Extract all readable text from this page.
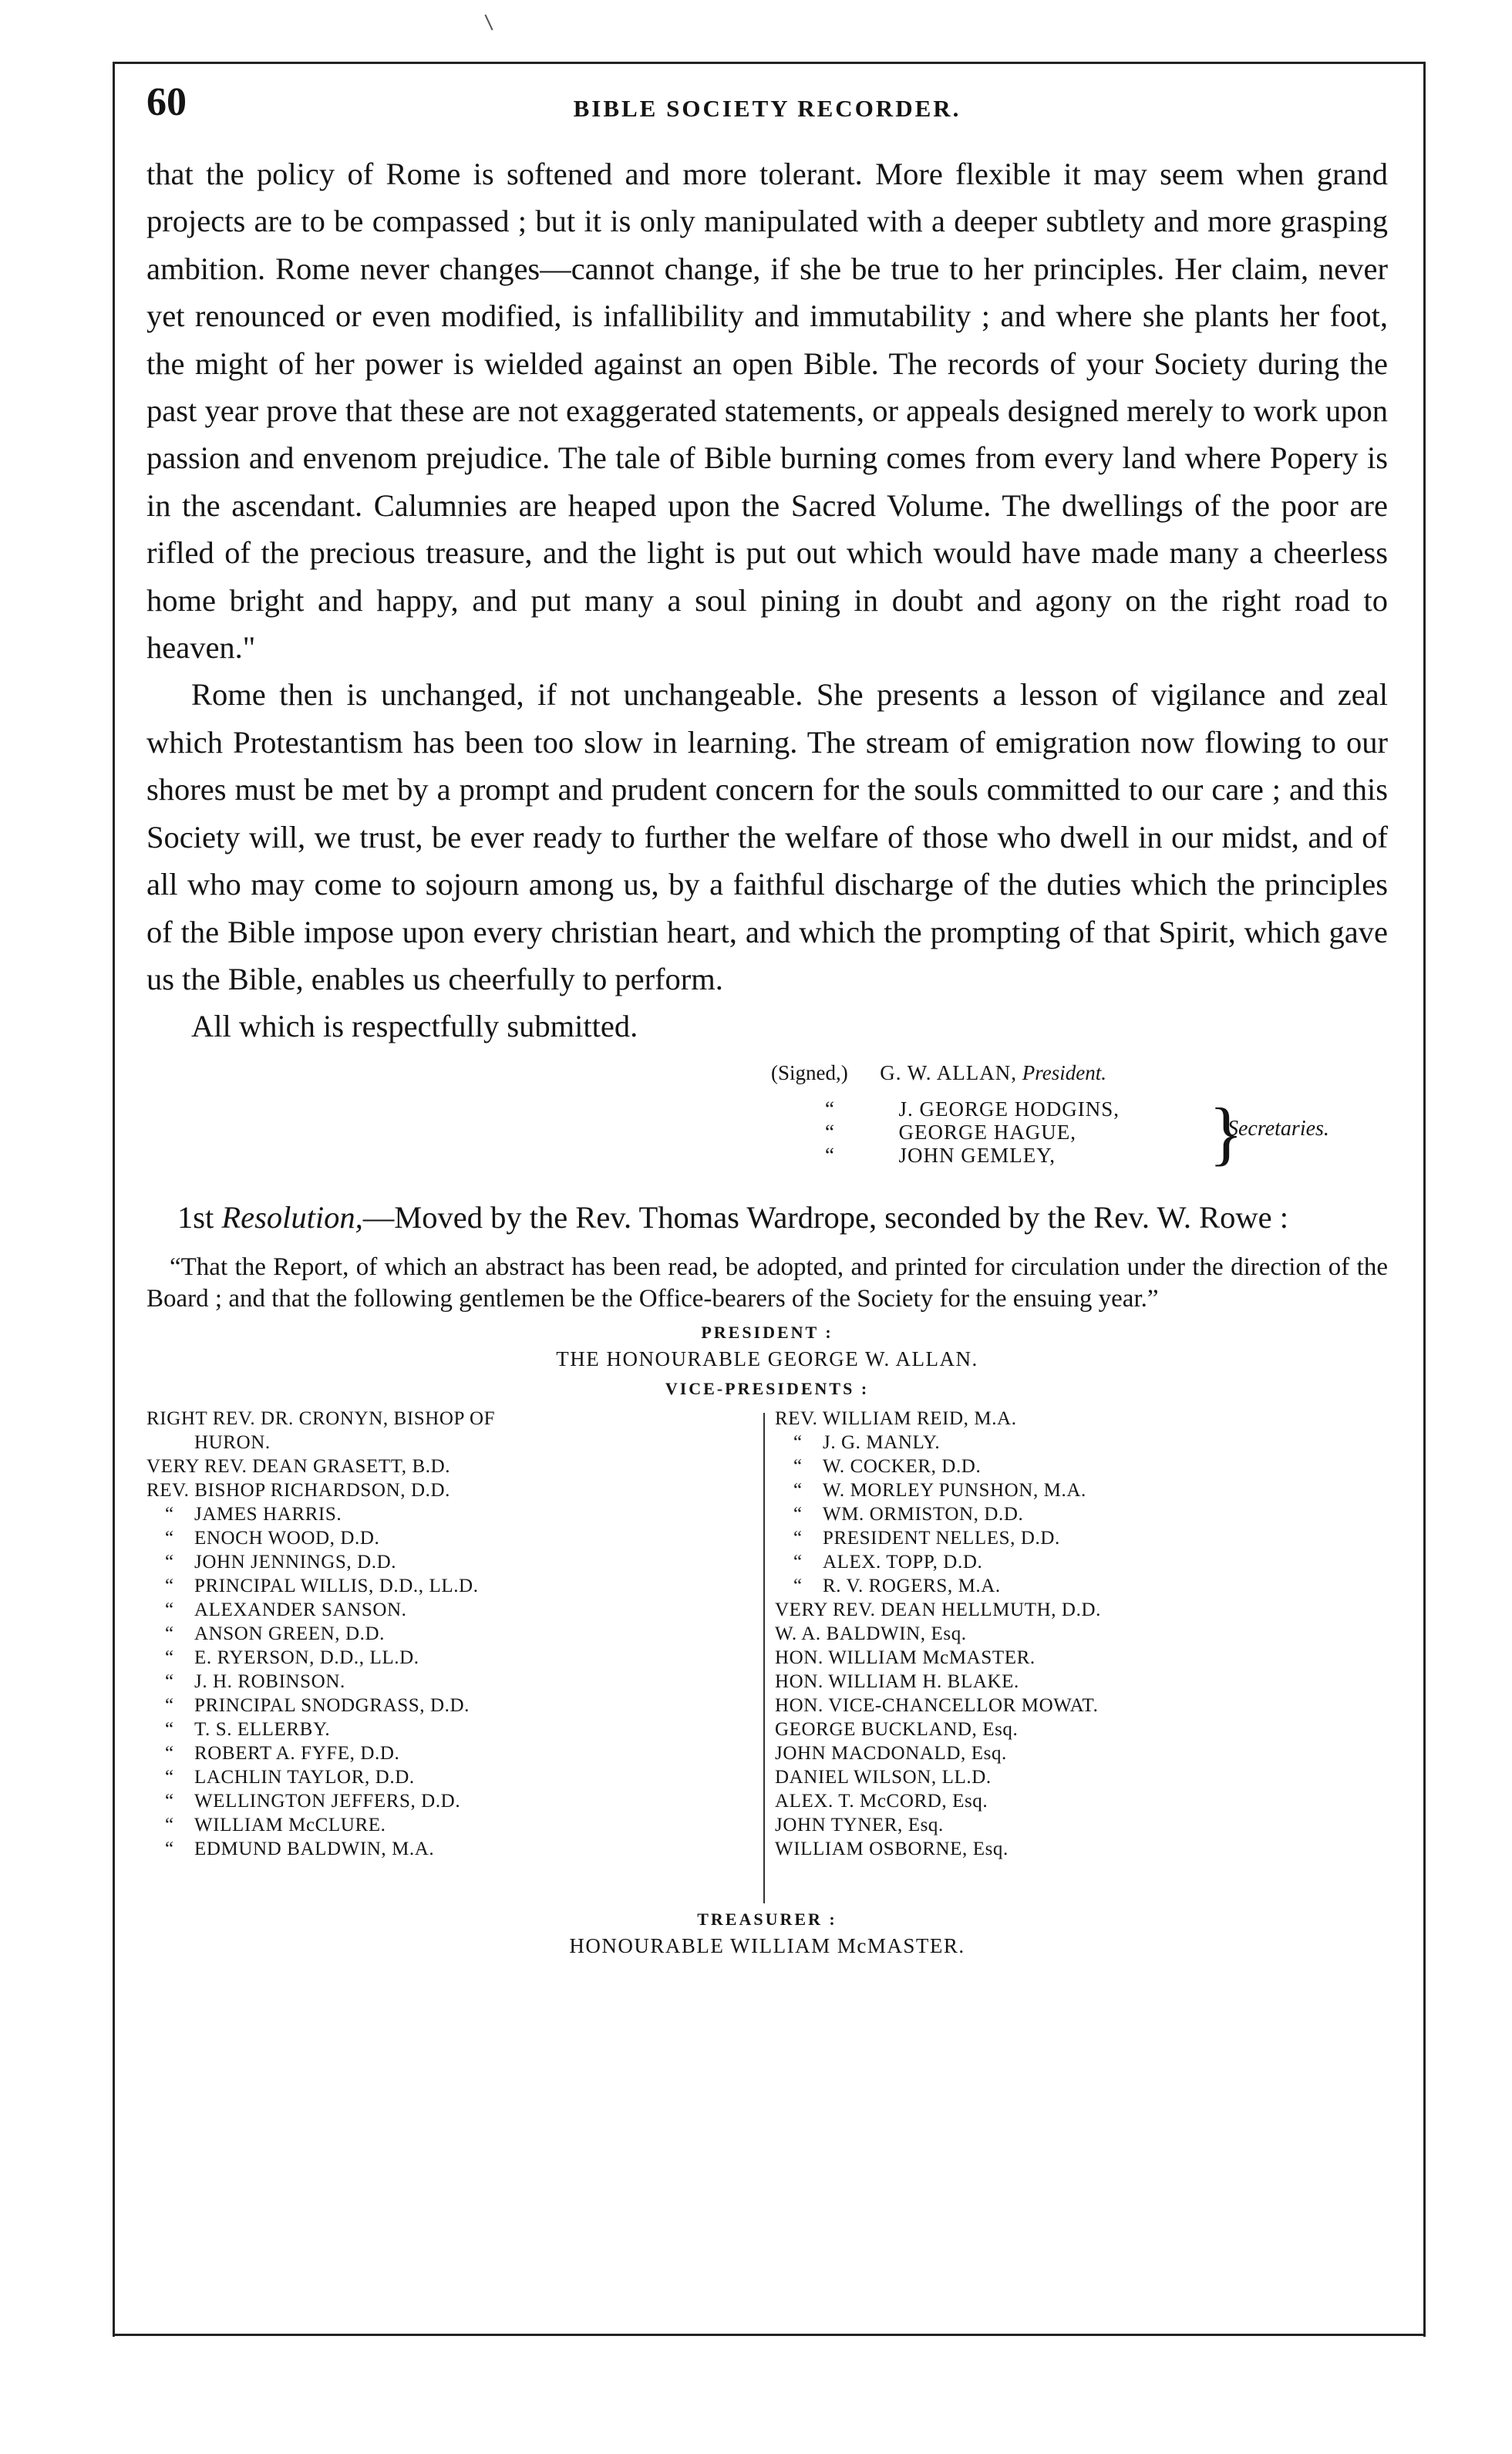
60	BIBLE SOCIETY RECORDER.

that the policy of Rome is softened and more tolerant. More flexible it may seem when grand projects are to be compassed ; but it is only manipulated with a deeper subtlety and more grasping ambition. Rome never changes—cannot change, if she be true to her principles. Her claim, never yet renounced or even modified, is infallibility and immutability ; and where she plants her foot, the might of her power is wielded against an open Bible. The records of your Society during the past year prove that these are not exaggerated statements, or appeals designed merely to work upon passion and envenom prejudice. The tale of Bible burning comes from every land where Popery is in the ascendant. Calumnies are heaped upon the Sacred Volume. The dwellings of the poor are rifled of the precious treasure, and the light is put out which would have made many a cheerless home bright and happy, and put many a soul pining in doubt and agony on the right road to heaven."

Rome then is unchanged, if not unchangeable. She presents a lesson of vigilance and zeal which Protestantism has been too slow in learning. The stream of emigration now flowing to our shores must be met by a prompt and prudent concern for the souls committed to our care ; and this Society will, we trust, be ever ready to further the welfare of those who dwell in our midst, and of all who may come to sojourn among us, by a faithful discharge of the duties which the principles of the Bible impose upon every christian heart, and which the prompting of that Spirit, which gave us the Bible, enables us cheerfully to perform.

All which is respectfully submitted.

(Signed,) G. W. ALLAN, President.
“	J. GEORGE HODGINS,
“	GEORGE HAGUE,
“	JOHN GEMLEY, }
Secretaries.

1st Resolution,—Moved by the Rev. Thomas Wardrope, seconded by the Rev. W. Rowe :

“That the Report, of which an abstract has been read, be adopted, and printed for circulation under the direction of the Board ; and that the following gentlemen be the Office-bearers of the Society for the ensuing year.”

PRESIDENT :
THE HONOURABLE GEORGE W. ALLAN.
VICE-PRESIDENTS :
RIGHT REV. DR. CRONYN, BISHOP OF
HURON.
VERY REV. DEAN GRASETT, B.D.
REV. BISHOP RICHARDSON, D.D.
“ JAMES HARRIS.
“ ENOCH WOOD, D.D.
“ JOHN JENNINGS, D.D.
“ PRINCIPAL WILLIS, D.D., LL.D.
“ ALEXANDER SANSON.
“ ANSON GREEN, D.D.
“ E. RYERSON, D.D., LL.D.
“ J. H. ROBINSON.
“ PRINCIPAL SNODGRASS, D.D.
“ T. S. ELLERBY.
“ ROBERT A. FYFE, D.D.
“ LACHLIN TAYLOR, D.D.
“ WELLINGTON JEFFERS, D.D.
“ WILLIAM McCLURE.
“ EDMUND BALDWIN, M.A.
REV. WILLIAM REID, M.A.
“ J. G. MANLY.
“ W. COCKER, D.D.
“ W. MORLEY PUNSHON, M.A.
“ WM. ORMISTON, D.D.
“ PRESIDENT NELLES, D.D.
“ ALEX. TOPP, D.D.
“ R. V. ROGERS, M.A.
VERY REV. DEAN HELLMUTH, D.D.
W. A. BALDWIN, Esq.
HON. WILLIAM McMASTER.
HON. WILLIAM H. BLAKE.
HON. VICE-CHANCELLOR MOWAT.
GEORGE BUCKLAND, Esq.
JOHN MACDONALD, Esq.
DANIEL WILSON, LL.D.
ALEX. T. McCORD, Esq.
JOHN TYNER, Esq.
WILLIAM OSBORNE, Esq.
TREASURER :
HONOURABLE WILLIAM McMASTER.
